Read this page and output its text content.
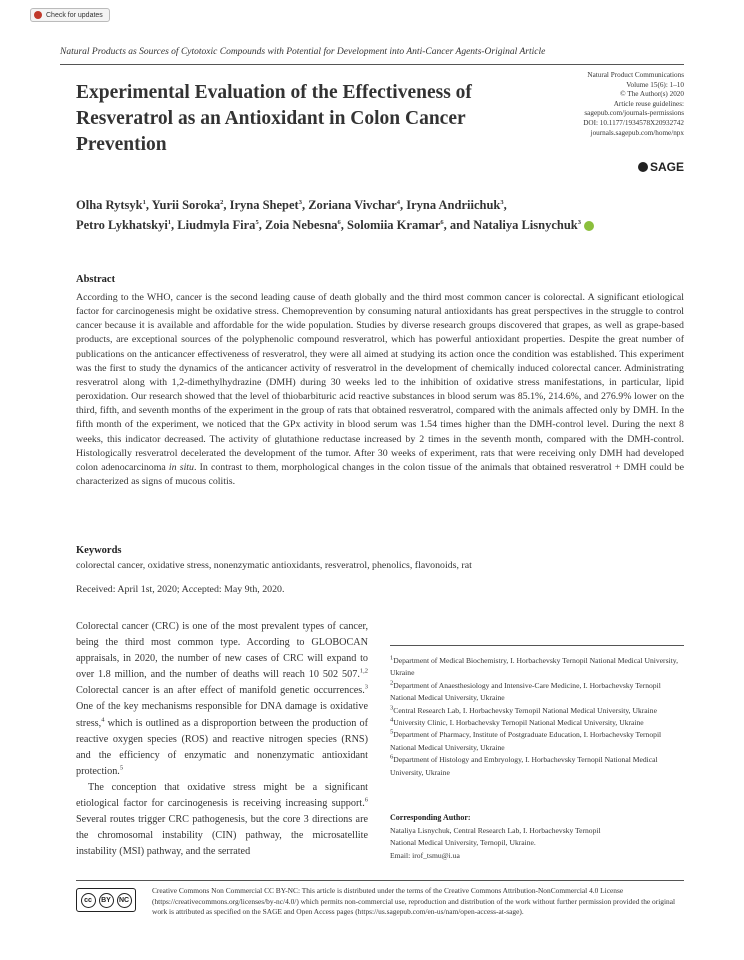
Check for updates
Natural Products as Sources of Cytotoxic Compounds with Potential for Development into Anti-Cancer Agents-Original Article
Experimental Evaluation of the Effectiveness of Resveratrol as an Antioxidant in Colon Cancer Prevention
Natural Product Communications
Volume 15(6): 1–10
© The Author(s) 2020
Article reuse guidelines:
sagepub.com/journals-permissions
DOI: 10.1177/1934578X20932742
journals.sagepub.com/home/npx
SAGE
Olha Rytsyk$^1$, Yurii Soroka$^2$, Iryna Shepet$^3$, Zoriana Vivchar$^4$, Iryna Andriichuk$^3$,
Petro Lykhatskyi$^1$, Liudmyla Fira$^5$, Zoia Nebesna$^6$, Solomiia Kramar$^6$, and Nataliya Lisnychuk$^3$
Abstract
According to the WHO, cancer is the second leading cause of death globally and the third most common cancer is colorectal. A significant etiological factor for carcinogenesis might be oxidative stress. Chemoprevention by consuming natural antioxidants has great perspectives in the struggle to control cancer because it is available and affordable for the wide population. Studies by diverse research groups discovered that grapes, as well as grape-based products, are exceptional sources of the polyphenolic compound resveratrol, which has powerful antioxidant properties. Despite the great number of publications on the anticancer effectiveness of resveratrol, they were all aimed at studying its action once the condition was established. This experiment was the first to study the dynamics of the anticancer activity of resveratrol in the development of chemically induced colorectal cancer. Administrating resveratrol along with 1,2-dimethylhydrazine (DMH) during 30 weeks led to the inhibition of oxidative stress manifestations, in particular, lipid peroxidation. Our research showed that the level of thiobarbituric acid reactive substances in blood serum was 85.1%, 214.6%, and 276.9% lower on the third, fifth, and seventh months of the experiment in the group of rats that obtained resveratrol, compared with the animals affected only by DMH. In the fifth month of the experiment, we noticed that the GPx activity in blood serum was 1.54 times higher than the DMH-control level. During the next 8 weeks, this indicator decreased. The activity of glutathione reductase increased by 2 times in the seventh month, compared with the DMH-control. Histologically resveratrol decelerated the development of the tumor. After 30 weeks of experiment, rats that were receiving only DMH had developed colon adenocarcinoma in situ. In contrast to them, morphological changes in the colon tissue of the animals that obtained resveratrol + DMH could be characterized as signs of mucous colitis.
Keywords
colorectal cancer, oxidative stress, nonenzymatic antioxidants, resveratrol, phenolics, flavonoids, rat
Received: April 1st, 2020; Accepted: May 9th, 2020.

Colorectal cancer (CRC) is one of the most prevalent types of cancer, being the third most common type. According to GLOBOCAN appraisals, in 2020, the number of new cases of CRC will expand to over 1.8 million, and the number of deaths will reach 10 502 507.$^{1,2}$ Colorectal cancer is an after effect of manifold genetic occurrences.$^3$ One of the key mechanisms responsible for DNA damage is oxidative stress,$^4$ which is outlined as a disproportion between the production of reactive oxygen species (ROS) and reactive nitrogen species (RNS) and the efficiency of enzymatic and nonenzymatic antioxidant protection.$^5$

The conception that oxidative stress might be a significant etiological factor for carcinogenesis is receiving increasing support.$^6$ Several routes trigger CRC pathogenesis, but the core 3 directions are the chromosomal instability (CIN) pathway, the microsatellite instability (MSI) pathway, and the serrated

$^1$Department of Medical Biochemistry, I. Horbachevsky Ternopil National Medical University, Ukraine
$^2$Department of Anaesthesiology and Intensive-Care Medicine, I. Horbachevsky Ternopil National Medical University, Ukraine
$^3$Central Research Lab, I. Horbachevsky Ternopil National Medical University, Ukraine
$^4$University Clinic, I. Horbachevsky Ternopil National Medical University, Ukraine
$^5$Department of Pharmacy, Institute of Postgraduate Education, I. Horbachevsky Ternopil National Medical University, Ukraine
$^6$Department of Histology and Embryology, I. Horbachevsky Ternopil National Medical University, Ukraine
Corresponding Author:
Nataliya Lisnychuk, Central Research Lab, I. Horbachevsky Ternopil
National Medical University, Ternopil, Ukraine.
Email: irof_tsmu@i.ua
cc	BY	NC
Creative Commons Non Commercial CC BY-NC: This article is distributed under the terms of the Creative Commons Attribution-NonCommercial 4.0 License (https://creativecommons.org/licenses/by-nc/4.0/) which permits non-commercial use, reproduction and distribution of the work without further permission provided the original work is attributed as specified on the SAGE and Open Access pages (https://us.sagepub.com/en-us/nam/open-access-at-sage).
